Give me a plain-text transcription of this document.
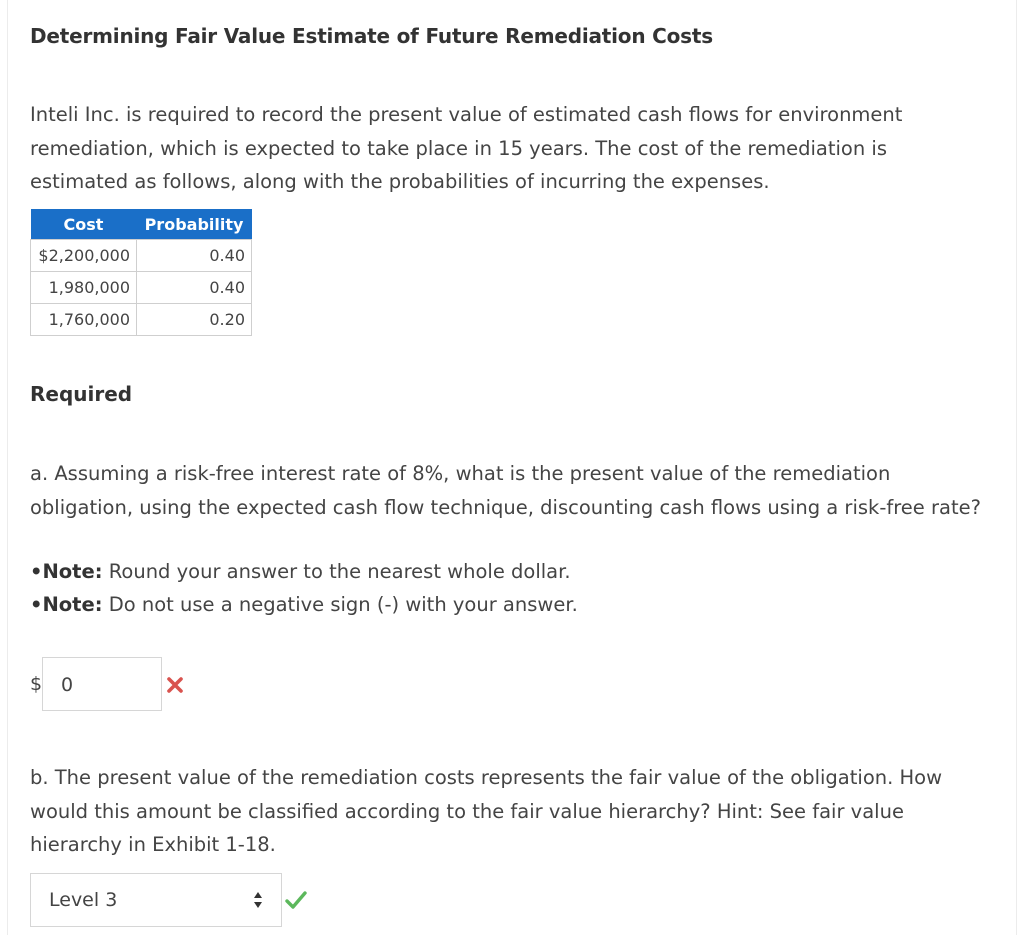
Determining Fair Value Estimate of Future Remediation Costs
Inteli Inc. is required to record the present value of estimated cash flows for environment remediation, which is expected to take place in 15 years. The cost of the remediation is estimated as follows, along with the probabilities of incurring the expenses.
Cost	Probability
$2,200,000	0.40
1,980,000	0.40
1,760,000	0.20
Required
a. Assuming a risk-free interest rate of 8%, what is the present value of the remediation obligation, using the expected cash flow technique, discounting cash flows using a risk-free rate?
•Note: Round your answer to the nearest whole dollar.
•Note: Do not use a negative sign (-) with your answer.
$ 0
b. The present value of the remediation costs represents the fair value of the obligation. How would this amount be classified according to the fair value hierarchy? Hint: See fair value hierarchy in Exhibit 1-18.
Level 3
